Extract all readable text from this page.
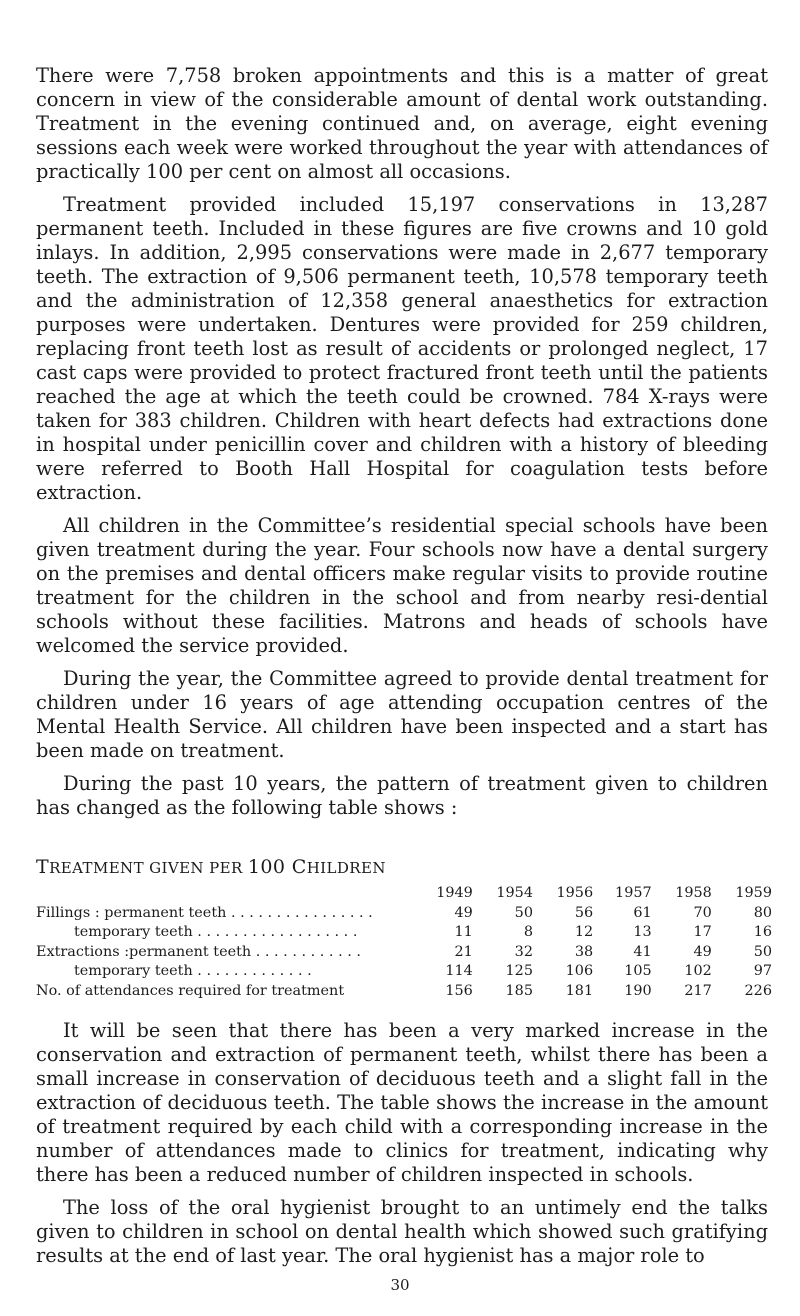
There were 7,758 broken appointments and this is a matter of great concern in view of the considerable amount of dental work outstanding. Treatment in the evening continued and, on average, eight evening sessions each week were worked throughout the year with attendances of practically 100 per cent on almost all occasions.

Treatment provided included 15,197 conservations in 13,287 permanent teeth. Included in these figures are five crowns and 10 gold inlays. In addition, 2,995 conservations were made in 2,677 temporary teeth. The extraction of 9,506 permanent teeth, 10,578 temporary teeth and the administration of 12,358 general anaesthetics for extraction purposes were undertaken. Dentures were provided for 259 children, replacing front teeth lost as result of accidents or prolonged neglect, 17 cast caps were provided to protect fractured front teeth until the patients reached the age at which the teeth could be crowned. 784 X-rays were taken for 383 children. Children with heart defects had extractions done in hospital under penicillin cover and children with a history of bleeding were referred to Booth Hall Hospital for coagulation tests before extraction.

All children in the Committee’s residential special schools have been given treatment during the year. Four schools now have a dental surgery on the premises and dental officers make regular visits to provide routine treatment for the children in the school and from nearby resi-dential schools without these facilities. Matrons and heads of schools have welcomed the service provided.

During the year, the Committee agreed to provide dental treatment for children under 16 years of age attending occupation centres of the Mental Health Service. All children have been inspected and a start has been made on treatment.

During the past 10 years, the pattern of treatment given to children has changed as the following table shows :

TREATMENT GIVEN PER 100 CHILDREN
	1949	1954	1956	1957	1958	1959
Fillings : permanent teeth . . . . . . . . . . . . . . . .	49	50	56	61	70	80
temporary teeth . . . . . . . . . . . . . . . . . .	11	8	12	13	17	16
Extractions :permanent teeth . . . . . . . . . . . .	21	32	38	41	49	50
temporary teeth . . . . . . . . . . . . .	114	125	106	105	102	97
No. of attendances required for treatment	156	185	181	190	217	226

It will be seen that there has been a very marked increase in the conservation and extraction of permanent teeth, whilst there has been a small increase in conservation of deciduous teeth and a slight fall in the extraction of deciduous teeth. The table shows the increase in the amount of treatment required by each child with a corresponding increase in the number of attendances made to clinics for treatment, indicating why there has been a reduced number of children inspected in schools.

The loss of the oral hygienist brought to an untimely end the talks given to children in school on dental health which showed such gratifying results at the end of last year. The oral hygienist has a major role to

30
